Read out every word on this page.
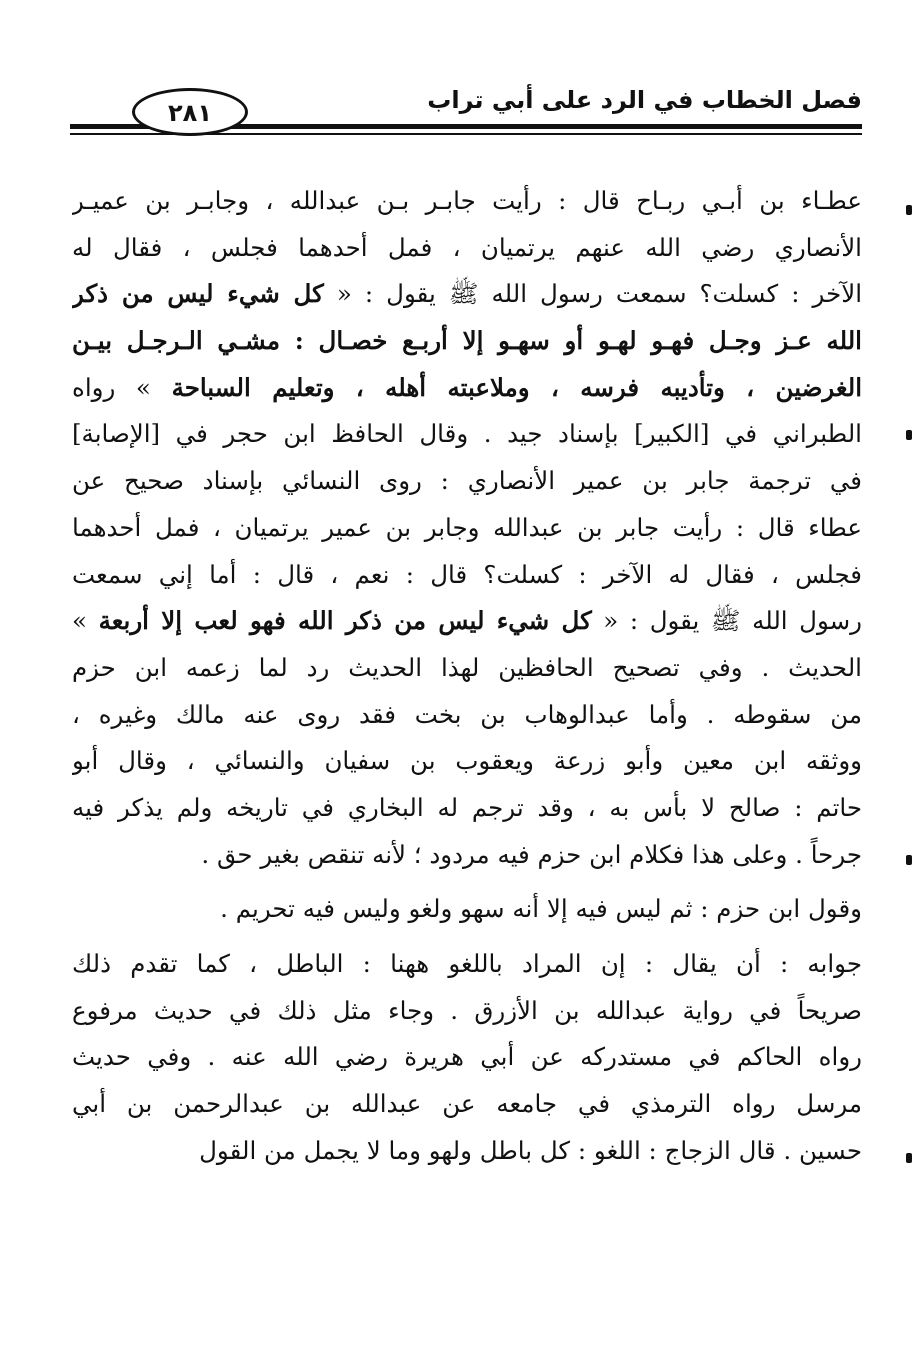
فصل الخطاب في الرد على أبي تراب
٢٨١
عطـاء بن أبـي ربـاح قال : رأيت جابـر بـن عبدالله ، وجابـر بن عميـر
الأنصاري رضي الله عنهم يرتميان ، فمل أحدهما فجلس ، فقال له
الآخر : كسلت؟ سمعت رسول الله ﷺ يقول : « كل شيء ليس من ذكر
الله عـز وجـل فهـو لهـو أو سهـو إلا أربـع خصـال : مشـي الـرجـل بيـن
الغرضين ، وتأديبه فرسه ، وملاعبته أهله ، وتعليم السباحة » رواه
الطبراني في [الكبير] بإسناد جيد . وقال الحافظ ابن حجر في [الإصابة]
في ترجمة جابر بن عمير الأنصاري : روى النسائي بإسناد صحيح عن
عطاء قال : رأيت جابر بن عبدالله وجابر بن عمير يرتميان ، فمل أحدهما
فجلس ، فقال له الآخر : كسلت؟ قال : نعم ، قال : أما إني سمعت
رسول الله ﷺ يقول : « كل شيء ليس من ذكر الله فهو لعب إلا أربعة »
الحديث . وفي تصحيح الحافظين لهذا الحديث رد لما زعمه ابن حزم
من سقوطه . وأما عبدالوهاب بن بخت فقد روى عنه مالك وغيره ،
ووثقه ابن معين وأبو زرعة ويعقوب بن سفيان والنسائي ، وقال أبو
حاتم : صالح لا بأس به ، وقد ترجم له البخاري في تاريخه ولم يذكر فيه
جرحاً . وعلى هذا فكلام ابن حزم فيه مردود ؛ لأنه تنقص بغير حق .
وقول ابن حزم : ثم ليس فيه إلا أنه سهو ولغو وليس فيه تحريم .
جوابه : أن يقال : إن المراد باللغو ههنا : الباطل ، كما تقدم ذلك
صريحاً في رواية عبدالله بن الأزرق . وجاء مثل ذلك في حديث مرفوع
رواه الحاكم في مستدركه عن أبي هريرة رضي الله عنه . وفي حديث
مرسل رواه الترمذي في جامعه عن عبدالله بن عبدالرحمن بن أبي
حسين . قال الزجاج : اللغو : كل باطل ولهو وما لا يجمل من القول
